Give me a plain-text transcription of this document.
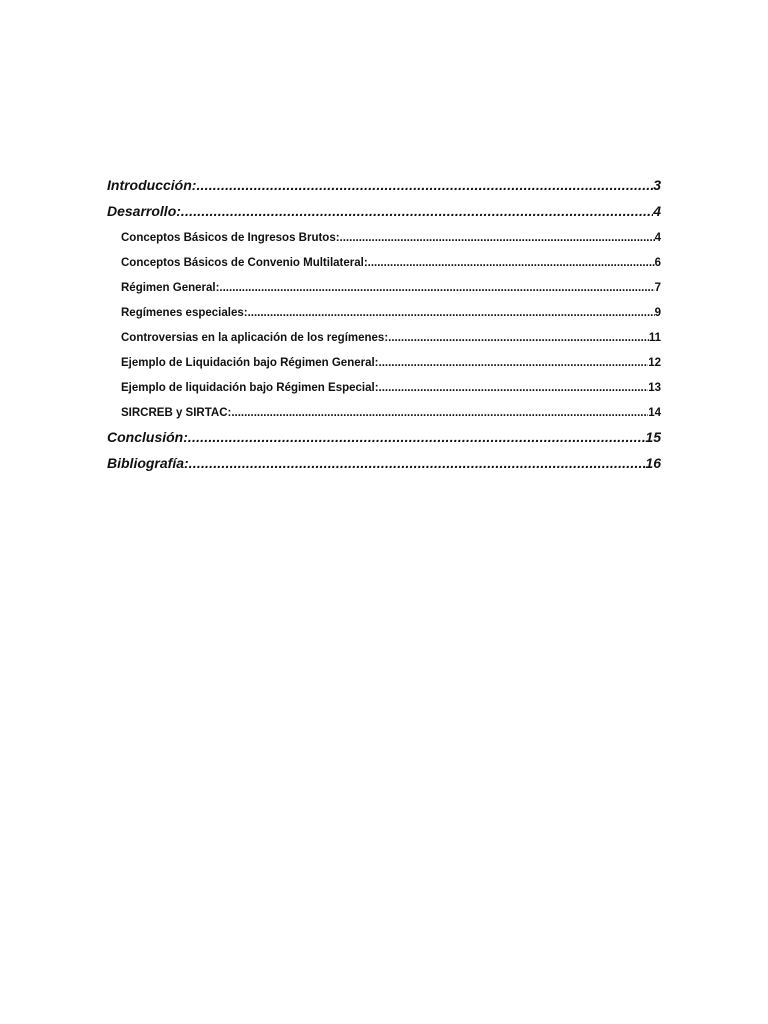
Introducción: .....	3
Desarrollo: .....	4
Conceptos Básicos de Ingresos Brutos: .....	4
Conceptos Básicos de Convenio Multilateral: .....	6
Régimen General: .....	7
Regímenes especiales: .....	9
Controversias en la aplicación de los regímenes: .....	11
Ejemplo de Liquidación bajo Régimen General: .....	12
Ejemplo de liquidación bajo Régimen Especial: .....	13
SIRCREB y SIRTAC: .....	14
Conclusión: .....	15
Bibliografía: .....	16
